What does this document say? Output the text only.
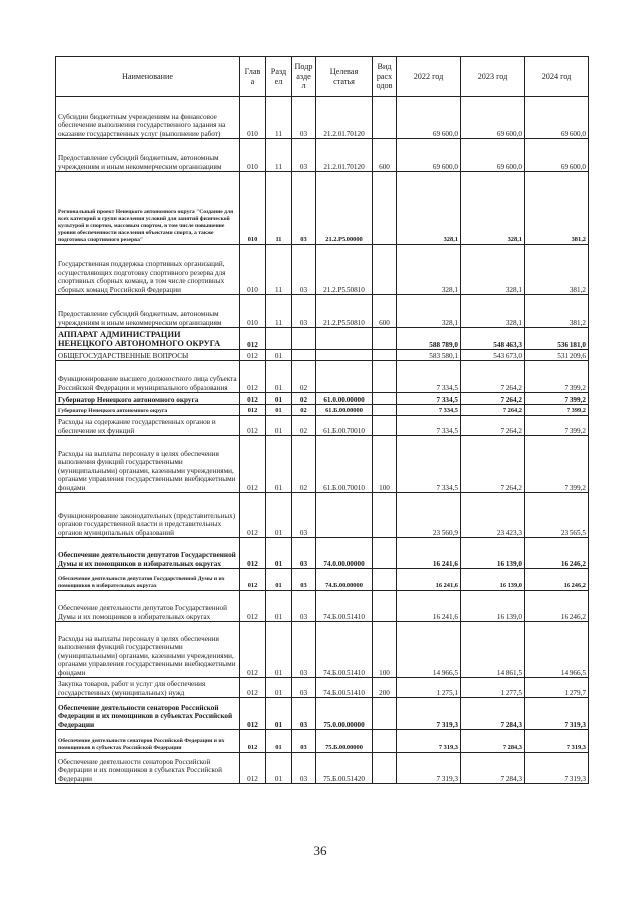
Наименование	Глав а	Разд ел	Подр азде л	Целевая статья	Вид расх одов	2022 год	2023 год	2024 год
Субсидии бюджетным учреждениям на финансовое обеспечение выполнения государственного задания на оказание государственных услуг (выполнение работ)	010	11	03	21.2.01.70120		69 600,0	69 600,0	69 600,0
Предоставление субсидий бюджетным, автономным учреждениям и иным некоммерческим организациям	010	11	03	21.2.01.70120	600	69 600,0	69 600,0	69 600,0
Региональный проект Ненецкого автономного округа "Создание для всех категорий и групп населения условий для занятий физической культурой и спортом, массовым спортом, в том числе повышение уровня обеспеченности населения объектами спорта, а также подготовка спортивного резерва"	010	11	03	21.2.P5.00000		328,1	328,1	381,2
Государственная поддержка спортивных организаций, осуществляющих подготовку спортивного резерва для спортивных сборных команд, в том числе спортивных сборных команд Российской Федерации	010	11	03	21.2.P5.50810		328,1	328,1	381,2
Предоставление субсидий бюджетным, автономным учреждениям и иным некоммерческим организациям	010	11	03	21.2.P5.50810	600	328,1	328,1	381,2
АППАРАТ АДМИНИСТРАЦИИ НЕНЕЦКОГО АВТОНОМНОГО ОКРУГА	012					588 789,0	548 463,3	536 181,0
ОБЩЕГОСУДАРСТВЕННЫЕ ВОПРОСЫ	012	01				583 580,1	543 673,0	531 209,6
Функционирование высшего должностного лица субъекта Российской Федерации и муниципального образования	012	01	02			7 334,5	7 264,2	7 399,2
Губернатор Ненецкого автономного округа	012	01	02	61.0.00.00000		7 334,5	7 264,2	7 399,2
Губернатор Ненецкого автономного округа	012	01	02	61.Б.00.00000		7 334,5	7 264,2	7 399,2
Расходы на содержание государственных органов и обеспечение их функций	012	01	02	61.Б.00.70010		7 334,5	7 264,2	7 399,2
Расходы на выплаты персоналу в целях обеспечения выполнения функций государственными (муниципальными) органами, казенными учреждениями, органами управления государственными внебюджетными фондами	012	01	02	61.Б.00.70010	100	7 334,5	7 264,2	7 399,2
Функционирование законодательных (представительных) органов государственной власти и представительных органов муниципальных образований	012	01	03			23 560,9	23 423,3	23 565,5
Обеспечение деятельности депутатов Государственной Думы и их помощников в избирательных округах	012	01	03	74.0.00.00000		16 241,6	16 139,0	16 246,2
Обеспечение деятельности депутатов Государственной Думы и их помощников в избирательных округах	012	01	03	74.Б.00.00000		16 241,6	16 139,0	16 246,2
Обеспечение деятельности депутатов Государственной Думы и их помощников в избирательных округах	012	01	03	74.Б.00.51410		16 241,6	16 139,0	16 246,2
Расходы на выплаты персоналу в целях обеспечения выполнения функций государственными (муниципальными) органами, казенными учреждениями, органами управления государственными внебюджетными фондами	012	01	03	74.Б.00.51410	100	14 966,5	14 861,5	14 966,5
Закупка товаров, работ и услуг для обеспечения государственных (муниципальных) нужд	012	01	03	74.Б.00.51410	200	1 275,1	1 277,5	1 279,7
Обеспечение деятельности сенаторов Российской Федерации и их помощников в субъектах Российской Федерации	012	01	03	75.0.00.00000		7 319,3	7 284,3	7 319,3
Обеспечение деятельности сенаторов Российской Федерации и их помощников в субъектах Российской Федерации	012	01	03	75.Б.00.00000		7 319,3	7 284,3	7 319,3
Обеспечение деятельности сенаторов Российской Федерации и их помощников в субъектах Российской Федерации	012	01	03	75.Б.00.51420		7 319,3	7 284,3	7 319,3
36
